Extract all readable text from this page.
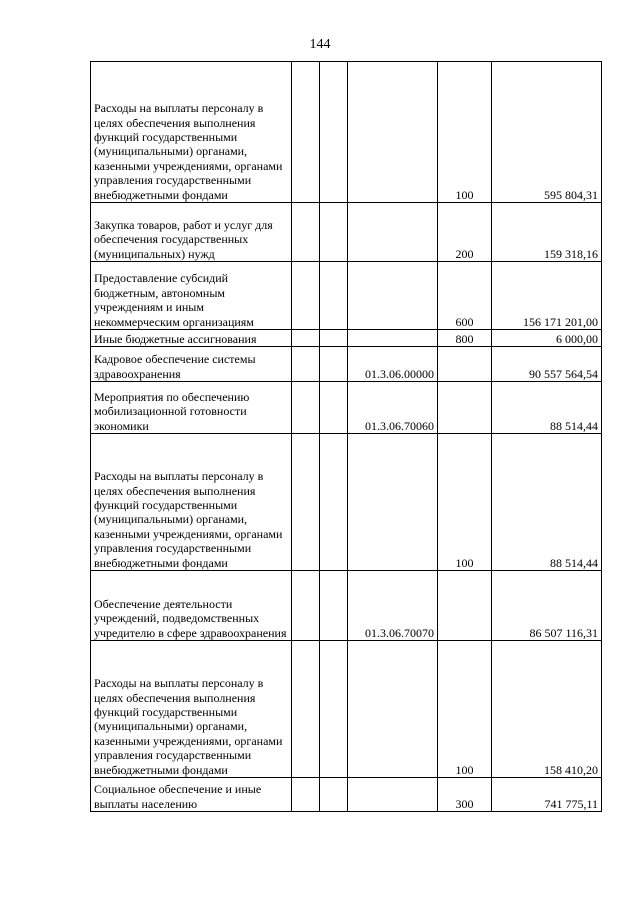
144
Расходы на выплаты персоналу в целях обеспечения выполнения функций государственными (муниципальными) органами, казенными учреждениями, органами управления государственными внебюджетными фондами				100	595 804,31

Закупка товаров, работ и услуг для обеспечения государственных (муниципальных) нужд				200	159 318,16

Предоставление субсидий бюджетным, автономным учреждениям и иным некоммерческим организациям				600	156 171 201,00

Иные бюджетные ассигнования				800	6 000,00

Кадровое обеспечение системы здравоохранения			01.3.06.00000		90 557 564,54

Мероприятия по обеспечению мобилизационной готовности экономики			01.3.06.70060		88 514,44

Расходы на выплаты персоналу в целях обеспечения выполнения функций государственными (муниципальными) органами, казенными учреждениями, органами управления государственными внебюджетными фондами				100	88 514,44

Обеспечение деятельности учреждений, подведомственных учредителю в сфере здравоохранения			01.3.06.70070		86 507 116,31

Расходы на выплаты персоналу в целях обеспечения выполнения функций государственными (муниципальными) органами, казенными учреждениями, органами управления государственными внебюджетными фондами				100	158 410,20

Социальное обеспечение и иные выплаты населению				300	741 775,11
